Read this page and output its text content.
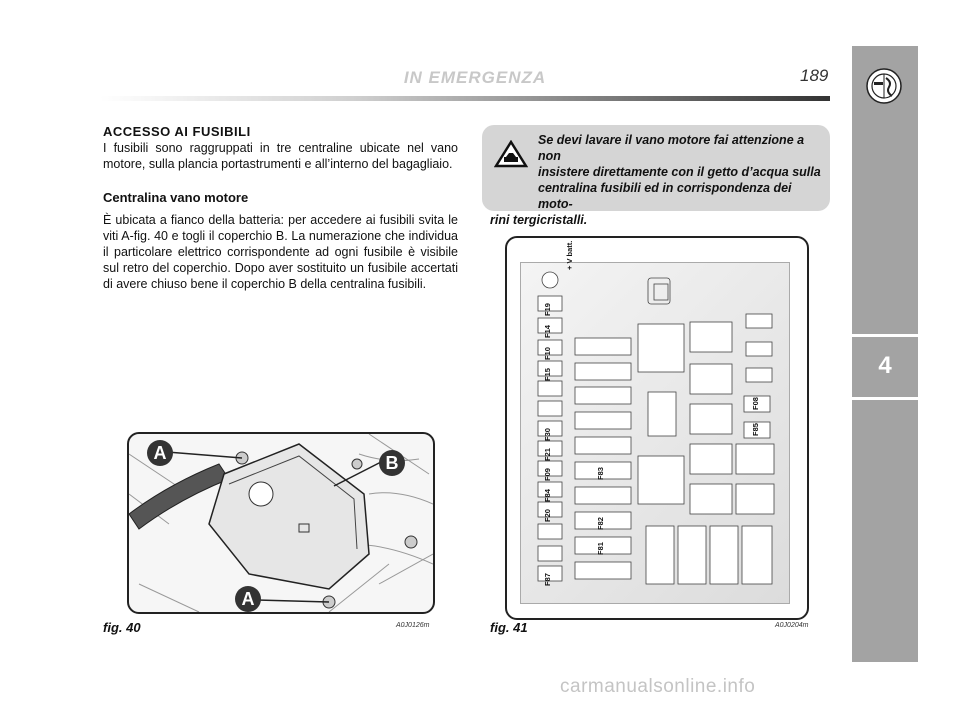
IN EMERGENZA	189
4
ACCESSO AI FUSIBILI
I fusibili sono raggruppati in tre centraline ubicate nel vano motore, sulla plancia portastrumenti e all’interno del bagagliaio.
Centralina vano motore
È ubicata a fianco della batteria: per accedere ai fusibili svita le viti A-fig. 40 e togli il coperchio B. La numerazione che individua il particolare elettrico corrispondente ad ogni fusibile è visibile sul retro del coperchio. Dopo aver sostituito un fusibile accertati di avere chiuso bene il coperchio B della centralina fusibili.
Se devi lavare il vano motore fai attenzione a non
insistere direttamente con il getto d’acqua sulla
centralina fusibili ed in corrispondenza dei moto-
rini tergicristalli.
A	B
A
fig. 40	A0J0126m
+ V batt.
F19
F14
F10
F15
F30
F21
F09
F84
F20
F87
F83
F82
F81
F08
F85
fig. 41	A0J0204m
carmanualsonline.info
